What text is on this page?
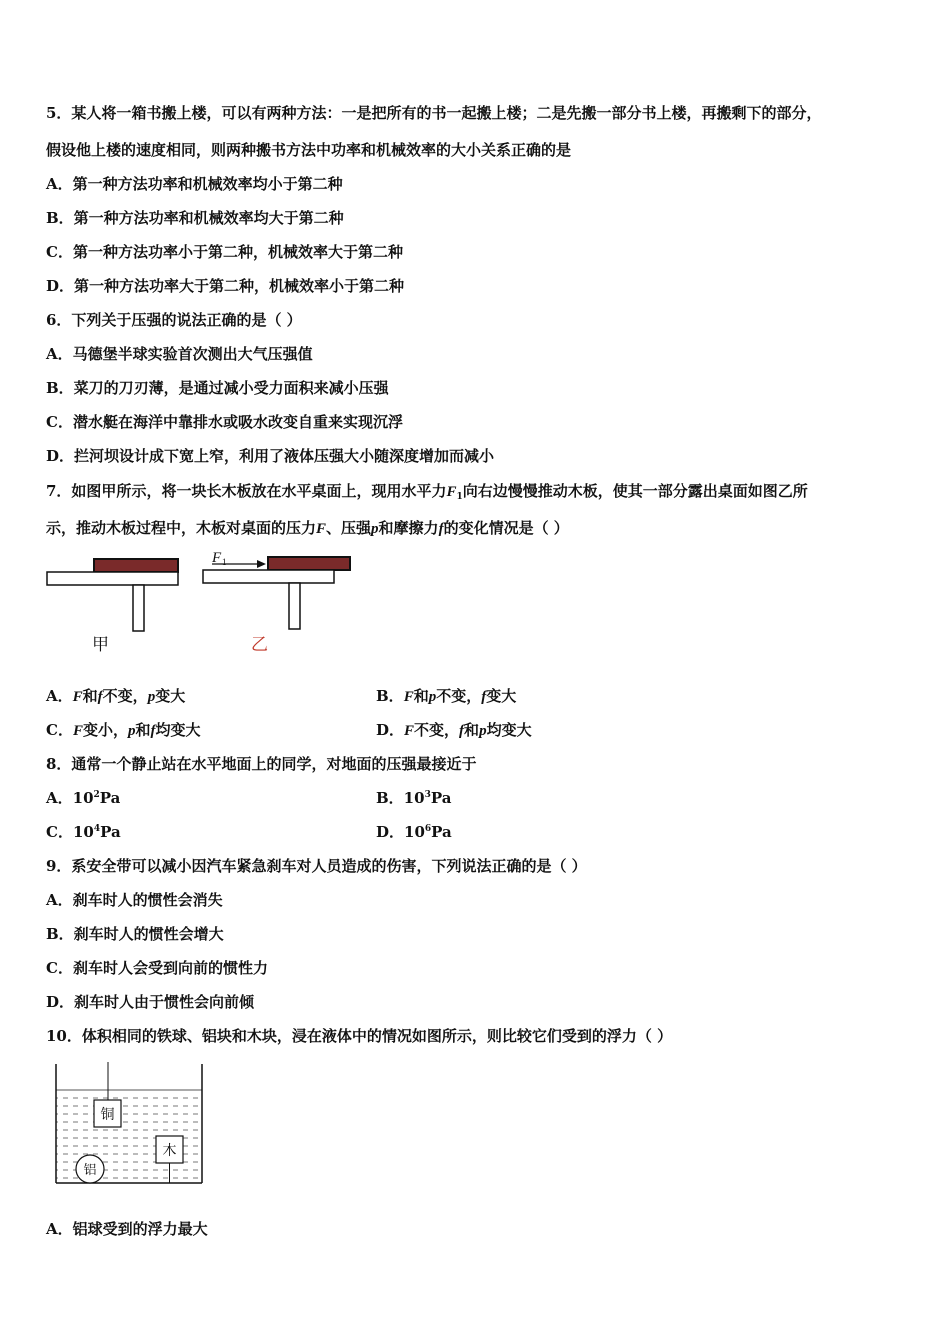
5．某人将一箱书搬上楼，可以有两种方法：一是把所有的书一起搬上楼；二是先搬一部分书上楼，再搬剩下的部分，
假设他上楼的速度相同，则两种搬书方法中功率和机械效率的大小关系正确的是
A．第一种方法功率和机械效率均小于第二种
B．第一种方法功率和机械效率均大于第二种
C．第一种方法功率小于第二种，机械效率大于第二种
D．第一种方法功率大于第二种，机械效率小于第二种
6．下列关于压强的说法正确的是（ ）
A．马德堡半球实验首次测出大气压强值
B．菜刀的刀刃薄，是通过减小受力面积来减小压强
C．潜水艇在海洋中靠排水或吸水改变自重来实现沉浮
D．拦河坝设计成下宽上窄，利用了液体压强大小随深度增加而减小
7．如图甲所示，将一块长木板放在水平桌面上，现用水平力$F_1$向右边慢慢推动木板，使其一部分露出桌面如图乙所
示，推动木板过程中，木板对桌面的压力F、压强p和摩擦力f的变化情况是（ ）
甲
F 1
乙
A．F和f不变，p变大	B．F和p不变，f变大
C．F变小，p和f均变大	D．F不变，f和p均变大
8．通常一个静止站在水平地面上的同学，对地面的压强最接近于
A．$10^2Pa$	B．$10^3Pa$
C．$10^4Pa$	D．$10^6Pa$
9．系安全带可以减小因汽车紧急刹车对人员造成的伤害，下列说法正确的是（ ）
A．刹车时人的惯性会消失
B．刹车时人的惯性会增大
C．刹车时人会受到向前的惯性力
D．刹车时人由于惯性会向前倾
10．体积相同的铁球、铝块和木块，浸在液体中的情况如图所示，则比较它们受到的浮力（ ）
铜
木
铝
A．铝球受到的浮力最大
